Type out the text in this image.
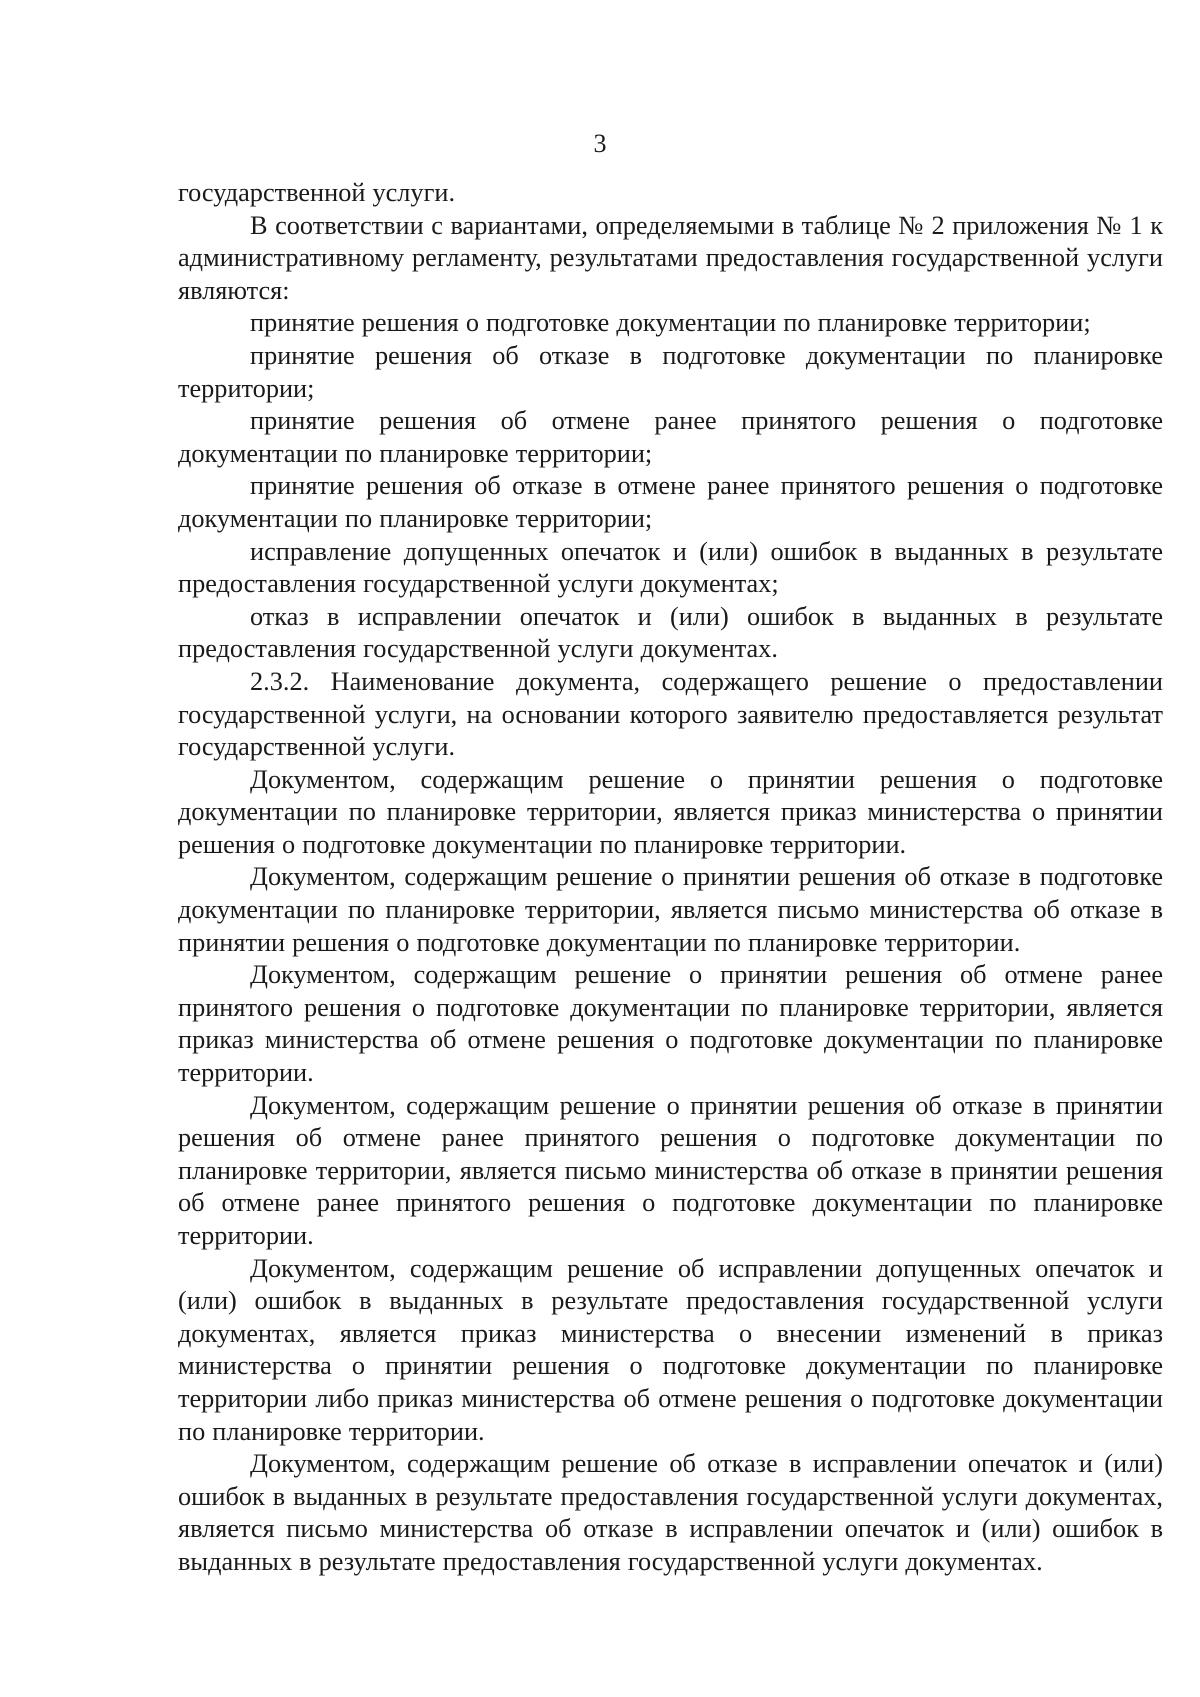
3

государственной услуги.

В соответствии с вариантами, определяемыми в таблице № 2 приложения № 1 к административному регламенту, результатами предоставления государственной услуги являются:

принятие решения о подготовке документации по планировке территории;

принятие решения об отказе в подготовке документации по планировке территории;

принятие решения об отмене ранее принятого решения о подготовке документации по планировке территории;

принятие решения об отказе в отмене ранее принятого решения о подготовке документации по планировке территории;

исправление допущенных опечаток и (или) ошибок в выданных в результате предоставления государственной услуги документах;

отказ в исправлении опечаток и (или) ошибок в выданных в результате предоставления государственной услуги документах.

2.3.2. Наименование документа, содержащего решение о предоставлении государственной услуги, на основании которого заявителю предоставляется результат государственной услуги.

Документом, содержащим решение о принятии решения о подготовке документации по планировке территории, является приказ министерства о принятии решения о подготовке документации по планировке территории.

Документом, содержащим решение о принятии решения об отказе в подготовке документации по планировке территории, является письмо министерства об отказе в принятии решения о подготовке документации по планировке территории.

Документом, содержащим решение о принятии решения об отмене ранее принятого решения о подготовке документации по планировке территории, является приказ министерства об отмене решения о подготовке документации по планировке территории.

Документом, содержащим решение о принятии решения об отказе в принятии решения об отмене ранее принятого решения о подготовке документации по планировке территории, является письмо министерства об отказе в принятии решения об отмене ранее принятого решения о подготовке документации по планировке территории.

Документом, содержащим решение об исправлении допущенных опечаток и (или) ошибок в выданных в результате предоставления государственной услуги документах, является приказ министерства о внесении изменений в приказ министерства о принятии решения о подготовке документации по планировке территории либо приказ министерства об отмене решения о подготовке документации по планировке территории.

Документом, содержащим решение об отказе в исправлении опечаток и (или) ошибок в выданных в результате предоставления государственной услуги документах, является письмо министерства об отказе в исправлении опечаток и (или) ошибок в выданных в результате предоставления государственной услуги документах.
